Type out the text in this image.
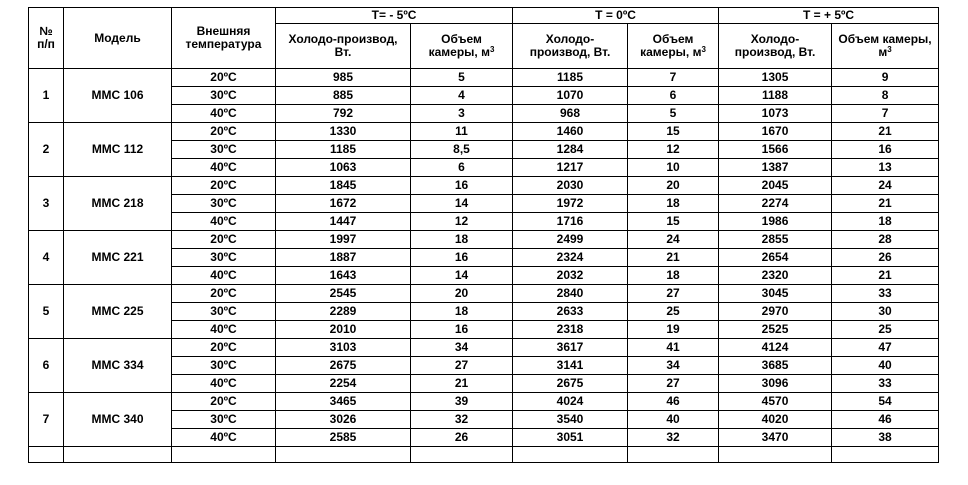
№ п/п	Модель	Внешняя температура	T= - 5ºC		T = 0ºC		T = + 5ºC	
			Холодо-производ, Вт.	Объем камеры, $м^3$	Холодо-производ, Вт.	Объем камеры, $м^3$	Холодо-производ, Вт.	Объем камеры, $м^3$
1	MMC 106	20ºC	985	5	1185	7	1305	9
		30ºC	885	4	1070	6	1188	8
		40ºC	792	3	968	5	1073	7
2	MMC 112	20ºC	1330	11	1460	15	1670	21
		30ºC	1185	8,5	1284	12	1566	16
		40ºC	1063	6	1217	10	1387	13
3	MMC 218	20ºC	1845	16	2030	20	2045	24
		30ºC	1672	14	1972	18	2274	21
		40ºC	1447	12	1716	15	1986	18
4	MMC 221	20ºC	1997	18	2499	24	2855	28
		30ºC	1887	16	2324	21	2654	26
		40ºC	1643	14	2032	18	2320	21
5	MMC 225	20ºC	2545	20	2840	27	3045	33
		30ºC	2289	18	2633	25	2970	30
		40ºC	2010	16	2318	19	2525	25
6	MMC 334	20ºC	3103	34	3617	41	4124	47
		30ºC	2675	27	3141	34	3685	40
		40ºC	2254	21	2675	27	3096	33
7	MMC 340	20ºC	3465	39	4024	46	4570	54
		30ºC	3026	32	3540	40	4020	46
		40ºC	2585	26	3051	32	3470	38
